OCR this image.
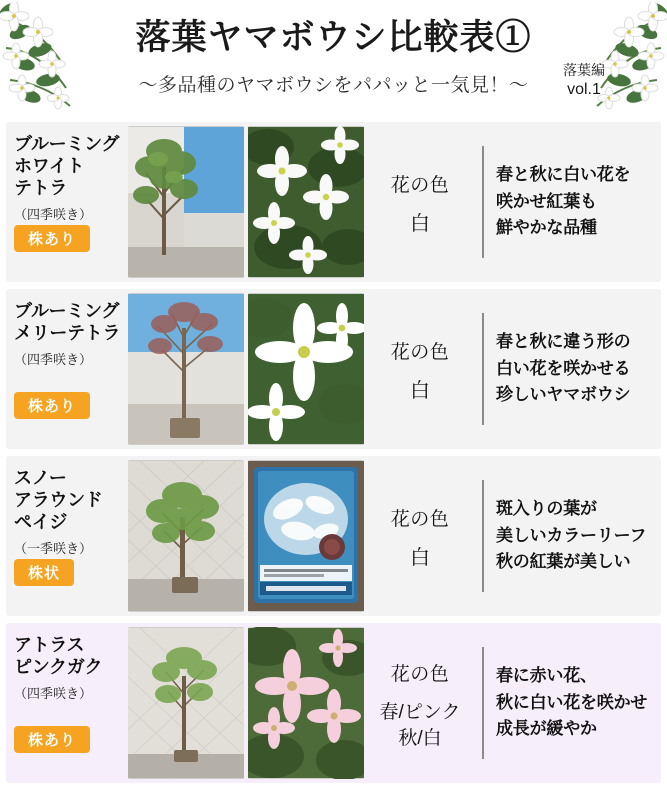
落葉ヤマボウシ比較表①
〜多品種のヤマボウシをパパッと一気見！〜
落葉編
vol.1
ブルーミング
ホワイト
テトラ
（四季咲き）
株あり
花の色
白
春と秋に白い花を
咲かせ紅葉も
鮮やかな品種
ブルーミング
メリーテトラ
（四季咲き）
株あり
花の色
白
春と秋に違う形の
白い花を咲かせる
珍しいヤマボウシ
スノー
アラウンド
ペイジ
（一季咲き）
株状
花の色
白
斑入りの葉が
美しいカラーリーフ
秋の紅葉が美しい
アトラス
ピンクガク
（四季咲き）
株あり
花の色
春/ピンク
秋/白
春に赤い花、
秋に白い花を咲かせ
成長が緩やか
